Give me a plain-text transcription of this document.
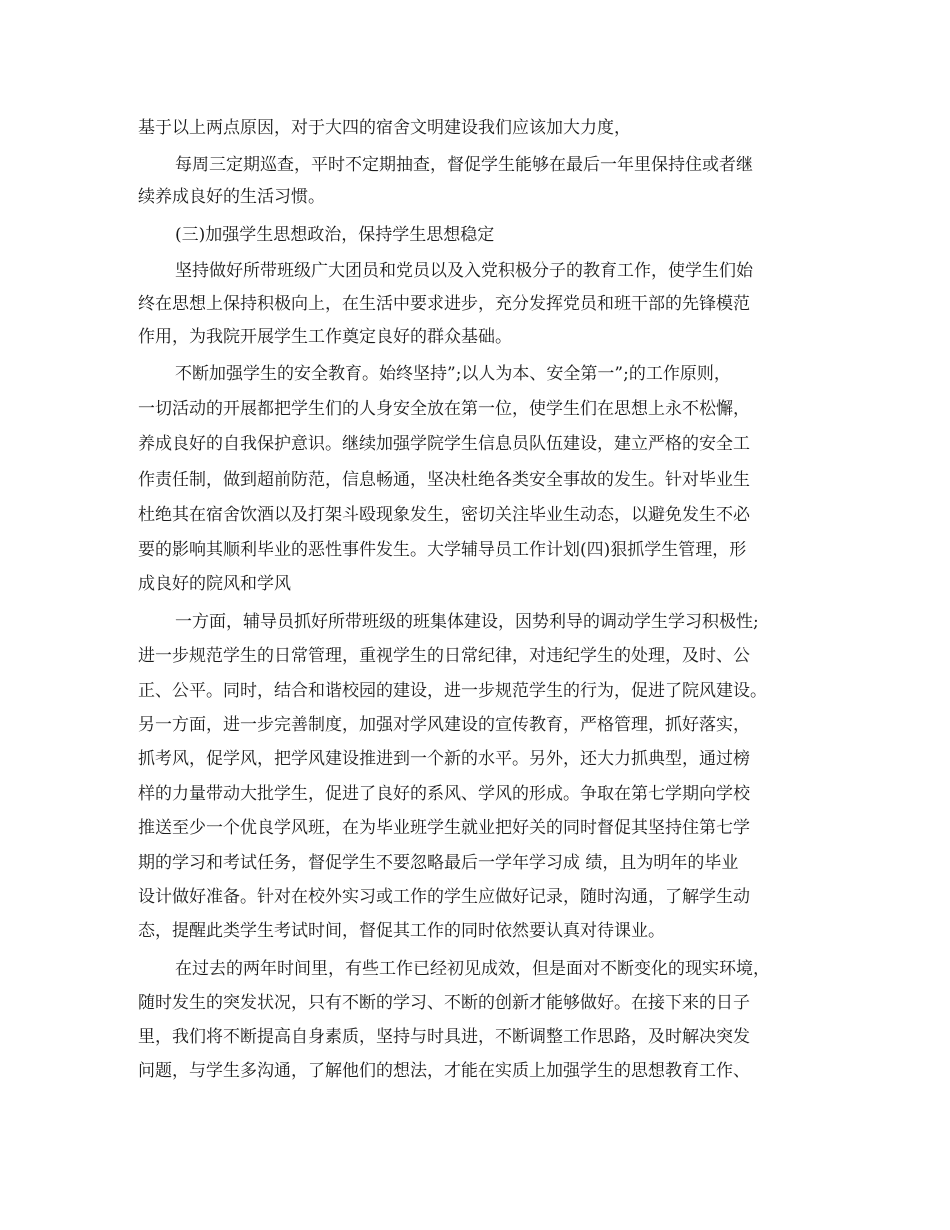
基于以上两点原因，对于大四的宿舍文明建设我们应该加大力度，
每周三定期巡查，平时不定期抽查，督促学生能够在最后一年里保持住或者继
续养成良好的生活习惯。
(三)加强学生思想政治，保持学生思想稳定
坚持做好所带班级广大团员和党员以及入党积极分子的教育工作，使学生们始
终在思想上保持积极向上，在生活中要求进步，充分发挥党员和班干部的先锋模范
作用，为我院开展学生工作奠定良好的群众基础。
不断加强学生的安全教育。始终坚持”;以人为本、安全第一”;的工作原则，
一切活动的开展都把学生们的人身安全放在第一位，使学生们在思想上永不松懈，
养成良好的自我保护意识。继续加强学院学生信息员队伍建设，建立严格的安全工
作责任制，做到超前防范，信息畅通，坚决杜绝各类安全事故的发生。针对毕业生
杜绝其在宿舍饮酒以及打架斗殴现象发生，密切关注毕业生动态，以避免发生不必
要的影响其顺利毕业的恶性事件发生。大学辅导员工作计划(四)狠抓学生管理，形
成良好的院风和学风
一方面，辅导员抓好所带班级的班集体建设，因势利导的调动学生学习积极性;
进一步规范学生的日常管理，重视学生的日常纪律，对违纪学生的处理，及时、公
正、公平。同时，结合和谐校园的建设，进一步规范学生的行为，促进了院风建设。
另一方面，进一步完善制度，加强对学风建设的宣传教育，严格管理，抓好落实，
抓考风，促学风，把学风建设推进到一个新的水平。另外，还大力抓典型，通过榜
样的力量带动大批学生，促进了良好的系风、学风的形成。争取在第七学期向学校
推送至少一个优良学风班，在为毕业班学生就业把好关的同时督促其坚持住第七学
期的学习和考试任务，督促学生不要忽略最后一学年学习成 绩，且为明年的毕业
设计做好准备。针对在校外实习或工作的学生应做好记录，随时沟通，了解学生动
态，提醒此类学生考试时间，督促其工作的同时依然要认真对待课业。
在过去的两年时间里，有些工作已经初见成效，但是面对不断变化的现实环境，
随时发生的突发状况，只有不断的学习、不断的创新才能够做好。在接下来的日子
里，我们将不断提高自身素质，坚持与时具进，不断调整工作思路，及时解决突发
问题，与学生多沟通，了解他们的想法，才能在实质上加强学生的思想教育工作、
